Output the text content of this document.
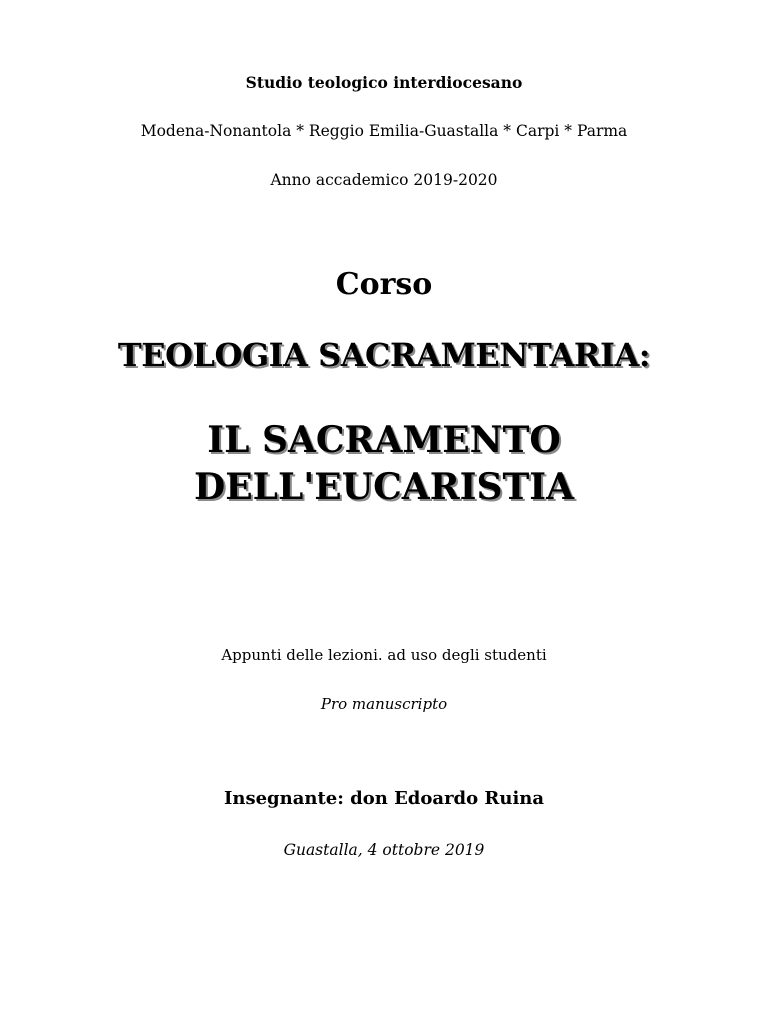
Studio teologico interdiocesano
Modena-Nonantola * Reggio Emilia-Guastalla * Carpi * Parma
Anno accademico 2019-2020
Corso
TEOLOGIA SACRAMENTARIA:
IL SACRAMENTO
DELL'EUCARISTIA
Appunti delle lezioni. ad uso degli studenti
Pro manuscripto
Insegnante: don Edoardo Ruina
Guastalla, 4 ottobre 2019
